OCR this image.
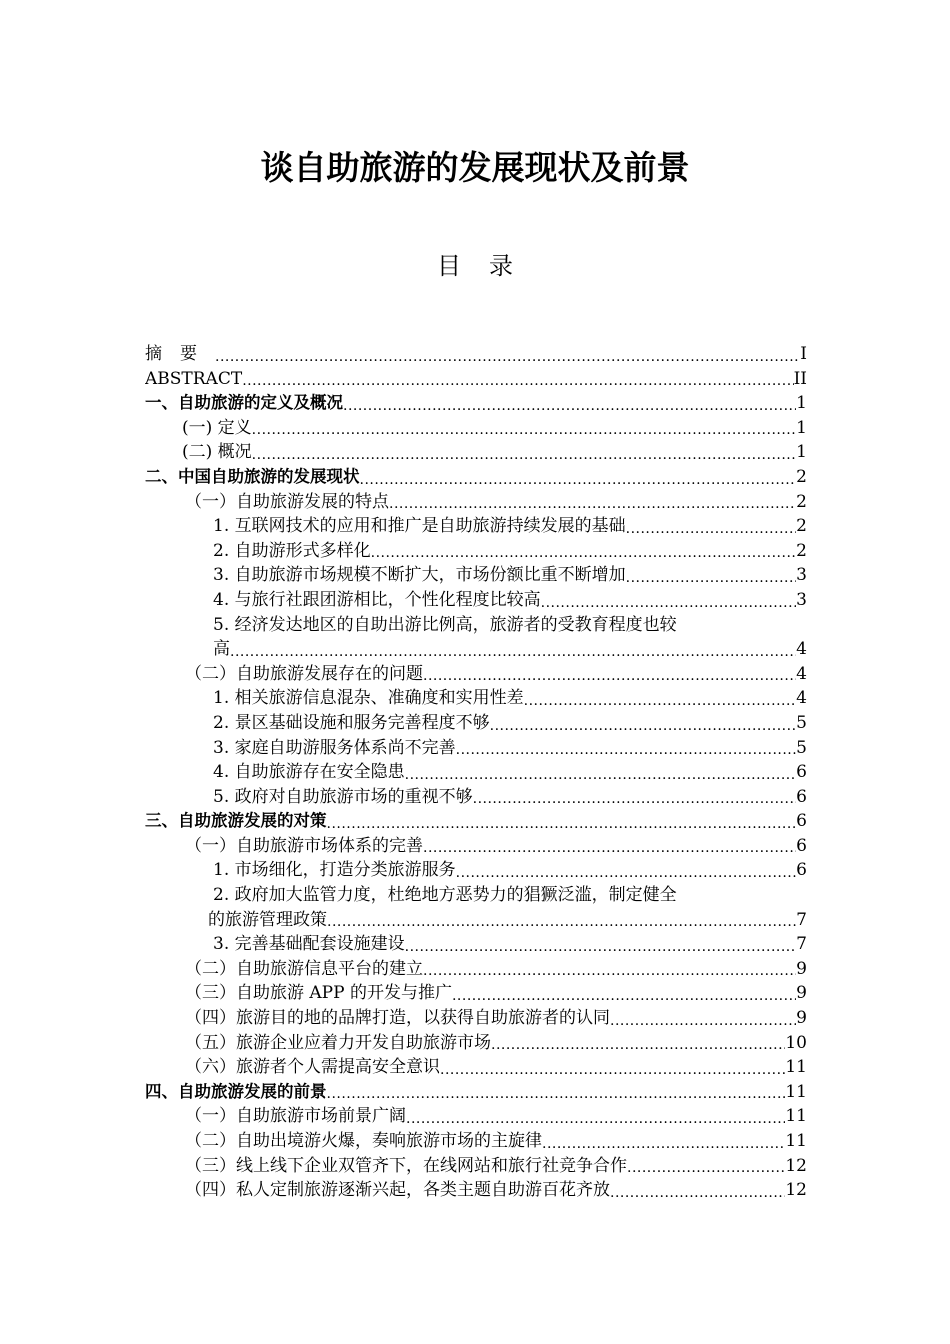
谈自助旅游的发展现状及前景
目录
摘要 .....	I
ABSTRACT .....	II
一、自助旅游的定义及概况 .....	1
(一) 定义 .....	1
(二) 概况 .....	1
二、中国自助旅游的发展现状 .....	2
（一）自助旅游发展的特点 .....	2
1. 互联网技术的应用和推广是自助旅游持续发展的基础 .....	2
2. 自助游形式多样化 .....	2
3. 自助旅游市场规模不断扩大，市场份额比重不断增加 .....	3
4. 与旅行社跟团游相比，个性化程度比较高 .....	3
5. 经济发达地区的自助出游比例高，旅游者的受教育程度也较
高 .....	4
（二）自助旅游发展存在的问题 .....	4
1. 相关旅游信息混杂、准确度和实用性差 .....	4
2. 景区基础设施和服务完善程度不够 .....	5
3. 家庭自助游服务体系尚不完善 .....	5
4. 自助旅游存在安全隐患 .....	6
5. 政府对自助旅游市场的重视不够 .....	6
三、自助旅游发展的对策 .....	6
（一）自助旅游市场体系的完善 .....	6
1. 市场细化，打造分类旅游服务 .....	6
2. 政府加大监管力度，杜绝地方恶势力的猖獗泛滥，制定健全
的旅游管理政策 .....	7
3. 完善基础配套设施建设 .....	7
（二）自助旅游信息平台的建立 .....	9
（三）自助旅游 APP 的开发与推广 .....	9
（四）旅游目的地的品牌打造，以获得自助旅游者的认同 .....	9
（五）旅游企业应着力开发自助旅游市场 .....	10
（六）旅游者个人需提高安全意识 .....	11
四、自助旅游发展的前景 .....	11
（一）自助旅游市场前景广阔 .....	11
（二）自助出境游火爆，奏响旅游市场的主旋律 .....	11
（三）线上线下企业双管齐下，在线网站和旅行社竞争合作 .....	12
（四）私人定制旅游逐渐兴起，各类主题自助游百花齐放 .....	12
